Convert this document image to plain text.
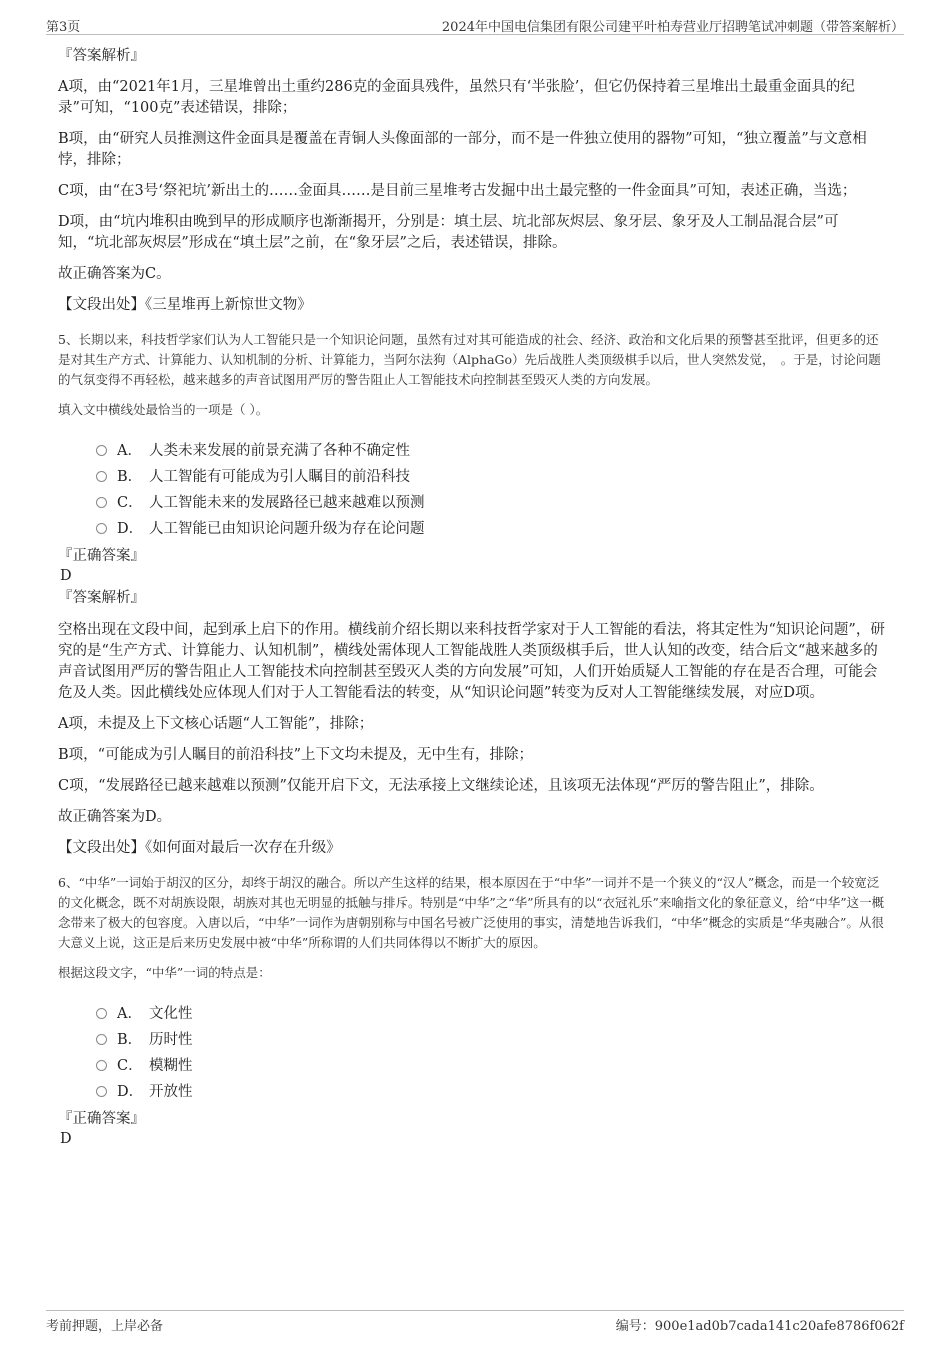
第3页	2024年中国电信集团有限公司建平叶柏寿营业厅招聘笔试冲刺题（带答案解析）

『答案解析』

A项，由“2021年1月，三星堆曾出土重约286克的金面具残件，虽然只有‘半张脸’，但它仍保持着三星堆出土最重金面具的纪录”可知，“100克”表述错误，排除；

B项，由“研究人员推测这件金面具是覆盖在青铜人头像面部的一部分，而不是一件独立使用的器物”可知，“独立覆盖”与文意相悖，排除；

C项，由“在3号‘祭祀坑’新出土的……金面具……是目前三星堆考古发掘中出土最完整的一件金面具”可知，表述正确，当选；

D项，由“坑内堆积由晚到早的形成顺序也渐渐揭开，分别是：填土层、坑北部灰烬层、象牙层、象牙及人工制品混合层”可知，“坑北部灰烬层”形成在“填土层”之前，在“象牙层”之后，表述错误，排除。

故正确答案为C。

【文段出处】《三星堆再上新惊世文物》

5、长期以来，科技哲学家们认为人工智能只是一个知识论问题，虽然有过对其可能造成的社会、经济、政治和文化后果的预警甚至批评，但更多的还是对其生产方式、计算能力、认知机制的分析、计算能力，当阿尔法狗（AlphaGo）先后战胜人类顶级棋手以后，世人突然发觉，　。于是，讨论问题的气氛变得不再轻松，越来越多的声音试图用严厉的警告阻止人工智能技术向控制甚至毁灭人类的方向发展。

填入文中横线处最恰当的一项是（ ）。

A． 人类未来发展的前景充满了各种不确定性
B． 人工智能有可能成为引人瞩目的前沿科技
C． 人工智能未来的发展路径已越来越难以预测
D． 人工智能已由知识论问题升级为存在论问题

『正确答案』

D

『答案解析』

空格出现在文段中间，起到承上启下的作用。横线前介绍长期以来科技哲学家对于人工智能的看法，将其定性为“知识论问题”，研究的是“生产方式、计算能力、认知机制”，横线处需体现人工智能战胜人类顶级棋手后，世人认知的改变，结合后文“越来越多的声音试图用严厉的警告阻止人工智能技术向控制甚至毁灭人类的方向发展”可知，人们开始质疑人工智能的存在是否合理，可能会危及人类。因此横线处应体现人们对于人工智能看法的转变，从“知识论问题”转变为反对人工智能继续发展，对应D项。

A项，未提及上下文核心话题“人工智能”，排除；

B项，“可能成为引人瞩目的前沿科技”上下文均未提及，无中生有，排除；

C项，“发展路径已越来越难以预测”仅能开启下文，无法承接上文继续论述，且该项无法体现“严厉的警告阻止”，排除。

故正确答案为D。

【文段出处】《如何面对最后一次存在升级》

6、“中华”一词始于胡汉的区分，却终于胡汉的融合。所以产生这样的结果，根本原因在于“中华”一词并不是一个狭义的“汉人”概念，而是一个较宽泛的文化概念，既不对胡族设限，胡族对其也无明显的抵触与排斥。特别是“中华”之“华”所具有的以“衣冠礼乐”来喻指文化的象征意义，给“中华”这一概念带来了极大的包容度。入唐以后，“中华”一词作为唐朝别称与中国名号被广泛使用的事实，清楚地告诉我们，“中华”概念的实质是“华夷融合”。从很大意义上说，这正是后来历史发展中被“中华”所称谓的人们共同体得以不断扩大的原因。

根据这段文字，“中华”一词的特点是：

A． 文化性
B． 历时性
C． 模糊性
D． 开放性

『正确答案』

D

考前押题，上岸必备	编号：900e1ad0b7cada141c20afe8786f062f
